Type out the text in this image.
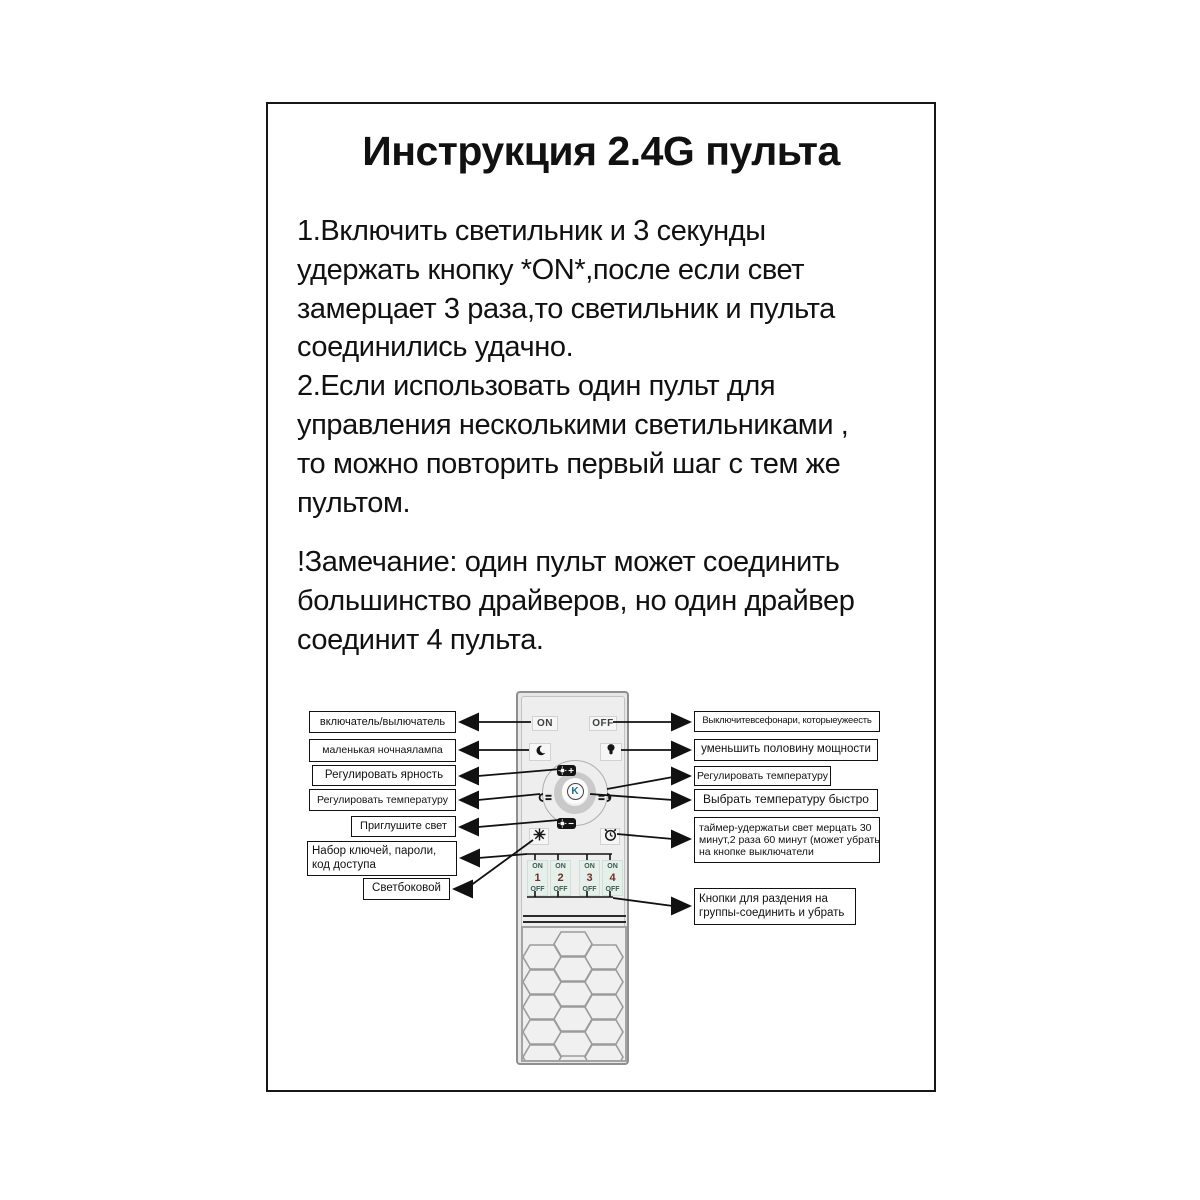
Инструкция 2.4G пульта
1.Включить светильник и 3 секунды
удержать кнопку *ON*,после если свет
замерцает 3 раза,то светильник и пульта
соединились удачно.
2.Если использовать один пульт для
управления несколькими светильниками ,
то можно повторить первый шаг с тем же
пультом.
!Замечание: один пульт может соединить
большинство драйверов, но один драйвер
соединит 4 пульта.
включатель/вылючатель
маленькая ночнаялампа
Регулировать ярность
Регулировать температуру
Приглушите свет
Набор ключей, пароли,
код доступа
Светбоковой
Выключитевсефонари, которыеужеесть
уменьшить половину мощности
Регулировать температуру
Выбрать температуру быстро
таймер-удержатьи свет мерцать 30
минут,2 раза 60 минут (может убрать
на кнопке выключатели
Кнопки для раздения на
группы-соединить и убрать
ON	OFF
K
ON
1
OFF
ON
2
OFF
ON
3
OFF
ON
4
OFF
